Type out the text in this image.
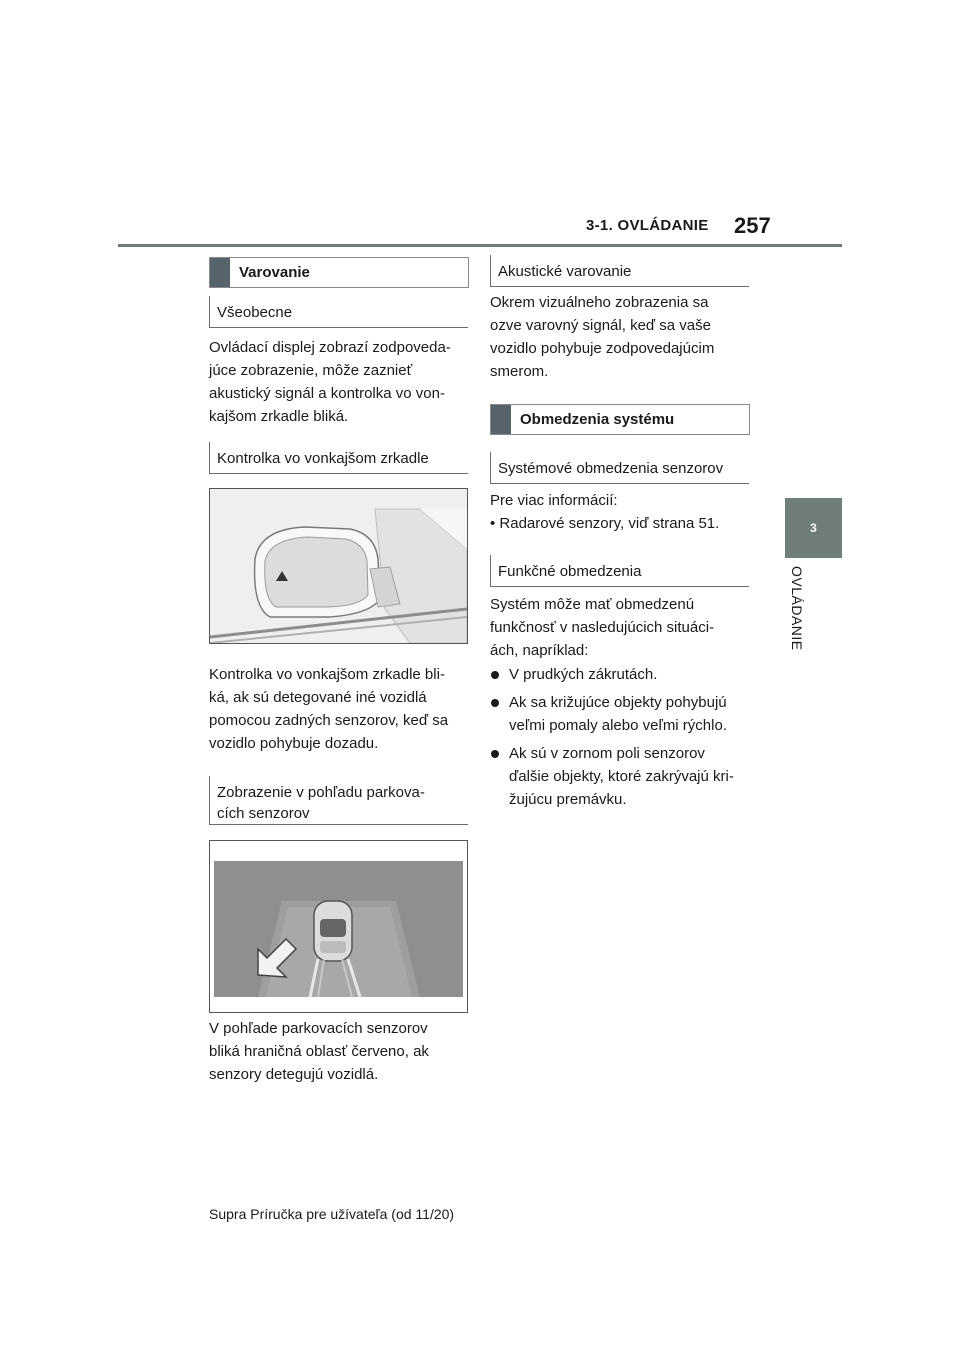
3-1. OVLÁDANIE 257
3
OVLÁDANIE
Varovanie
Všeobecne
Ovládací displej zobrazí zodpoveda-
júce zobrazenie, môže zaznieť
akustický signál a kontrolka vo von-
kajšom zrkadle bliká.
Kontrolka vo vonkajšom zrkadle
Kontrolka vo vonkajšom zrkadle bli-
ká, ak sú detegované iné vozidlá
pomocou zadných senzorov, keď sa
vozidlo pohybuje dozadu.
Zobrazenie v pohľadu parkova-
cích senzorov
V pohľade parkovacích senzorov
bliká hraničná oblasť červeno, ak
senzory detegujú vozidlá.
Akustické varovanie
Okrem vizuálneho zobrazenia sa
ozve varovný signál, keď sa vaše
vozidlo pohybuje zodpovedajúcim
smerom.
Obmedzenia systému
Systémové obmedzenia senzorov
Pre viac informácií:
• Radarové senzory, viď strana 51.
Funkčné obmedzenia
Systém môže mať obmedzenú
funkčnosť v nasledujúcich situáci-
ách, napríklad:
V prudkých zákrutách.
Ak sa križujúce objekty pohybujú
veľmi pomaly alebo veľmi rýchlo.
Ak sú v zornom poli senzorov
ďalšie objekty, ktoré zakrývajú kri-
žujúcu premávku.
Supra Príručka pre užívateľa (od 11/20)
